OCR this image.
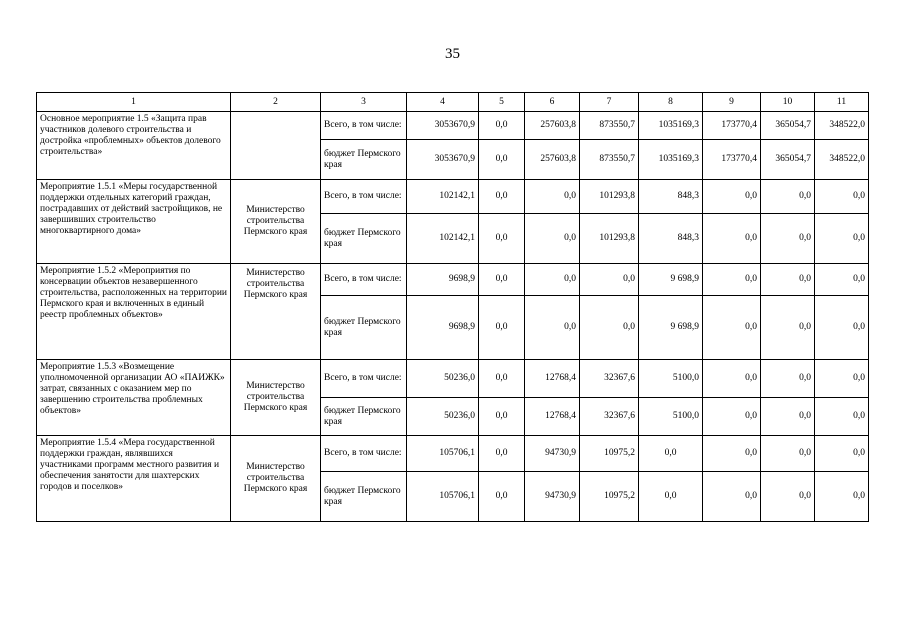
35
1	2	3	4	5	6	7	8	9	10	11
Основное мероприятие 1.5 «Защита прав участников долевого строительства и достройка «проблемных» объектов долевого строительства»		Всего, в том числе:	3053670,9	0,0	257603,8	873550,7	1035169,3	173770,4	365054,7	348522,0
		бюджет Пермского края	3053670,9	0,0	257603,8	873550,7	1035169,3	173770,4	365054,7	348522,0
Мероприятие 1.5.1 «Меры государственной поддержки отдельных категорий граждан, пострадавших от действий застройщиков, не завершивших строительство многоквартирного дома»	Министерство строительства Пермского края	Всего, в том числе:	102142,1	0,0	0,0	101293,8	848,3	0,0	0,0	0,0
		бюджет Пермского края	102142,1	0,0	0,0	101293,8	848,3	0,0	0,0	0,0
Мероприятие 1.5.2 «Мероприятия по консервации объектов незавершенного строительства, расположенных на территории Пермского края и включенных в единый реестр проблемных объектов»	Министерство строительства Пермского края	Всего, в том числе:	9698,9	0,0	0,0	0,0	9 698,9	0,0	0,0	0,0
		бюджет Пермского края	9698,9	0,0	0,0	0,0	9 698,9	0,0	0,0	0,0
Мероприятие 1.5.3 «Возмещение уполномоченной организации АО «ПАИЖК» затрат, связанных с оказанием мер по завершению строительства проблемных объектов»	Министерство строительства Пермского края	Всего, в том числе:	50236,0	0,0	12768,4	32367,6	5100,0	0,0	0,0	0,0
		бюджет Пермского края	50236,0	0,0	12768,4	32367,6	5100,0	0,0	0,0	0,0
Мероприятие 1.5.4 «Мера государственной поддержки граждан, являвшихся участниками программ местного развития и обеспечения занятости для шахтерских городов и поселков»	Министерство строительства Пермского края	Всего, в том числе:	105706,1	0,0	94730,9	10975,2	0,0	0,0	0,0	0,0
		бюджет Пермского края	105706,1	0,0	94730,9	10975,2	0,0	0,0	0,0	0,0
